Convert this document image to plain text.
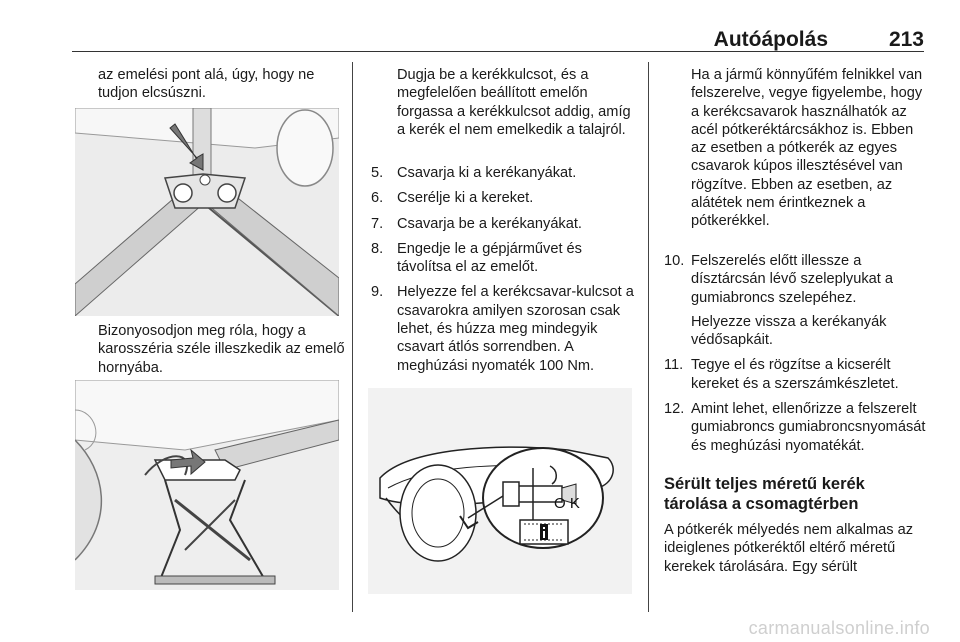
Autóápolás	213

az emelési pont alá, úgy, hogy ne tudjon elcsúszni.

Bizonyosodjon meg róla, hogy a karosszéria széle illeszkedik az emelő hornyába.

Dugja be a kerékkulcsot, és a megfelelően beállított emelőn forgassa a kerékkulcsot addig, amíg a kerék el nem emelkedik a talajról.

5. Csavarja ki a kerékanyákat.
6. Cserélje ki a kereket.
7. Csavarja be a kerékanyákat.
8. Engedje le a gépjárművet és távolítsa el az emelőt.
9. Helyezze fel a kerékcsavar-kulcsot a csavarokra amilyen szorosan csak lehet, és húzza meg mindegyik csavart átlós sorrendben. A meghúzási nyomaték 100 Nm.
O K

Ha a jármű könnyűfém felnikkel van felszerelve, vegye figyelembe, hogy a kerékcsavarok használhatók az acél pótkeréktárcsákhoz is. Ebben az esetben a pótkerék az egyes csavarok kúpos illesztésével van rögzítve. Ebben az esetben, az alátétek nem érintkeznek a pótkerékkel.

10. Felszerelés előtt illessze a dísztárcsán lévő szeleplyukat a gumiabroncs szelepéhez.
Helyezze vissza a kerékanyák védősapkáit.
11. Tegye el és rögzítse a kicserélt kereket és a szerszámkészletet.
12. Amint lehet, ellenőrizze a felszerelt gumiabroncs gumiabroncsnyomását és meghúzási nyomatékát.
Sérült teljes méretű kerék tárolása a csomagtérben

A pótkerék mélyedés nem alkalmas az ideiglenes pótkeréktől eltérő méretű kerekek tárolására. Egy sérült

carmanualsonline.info
